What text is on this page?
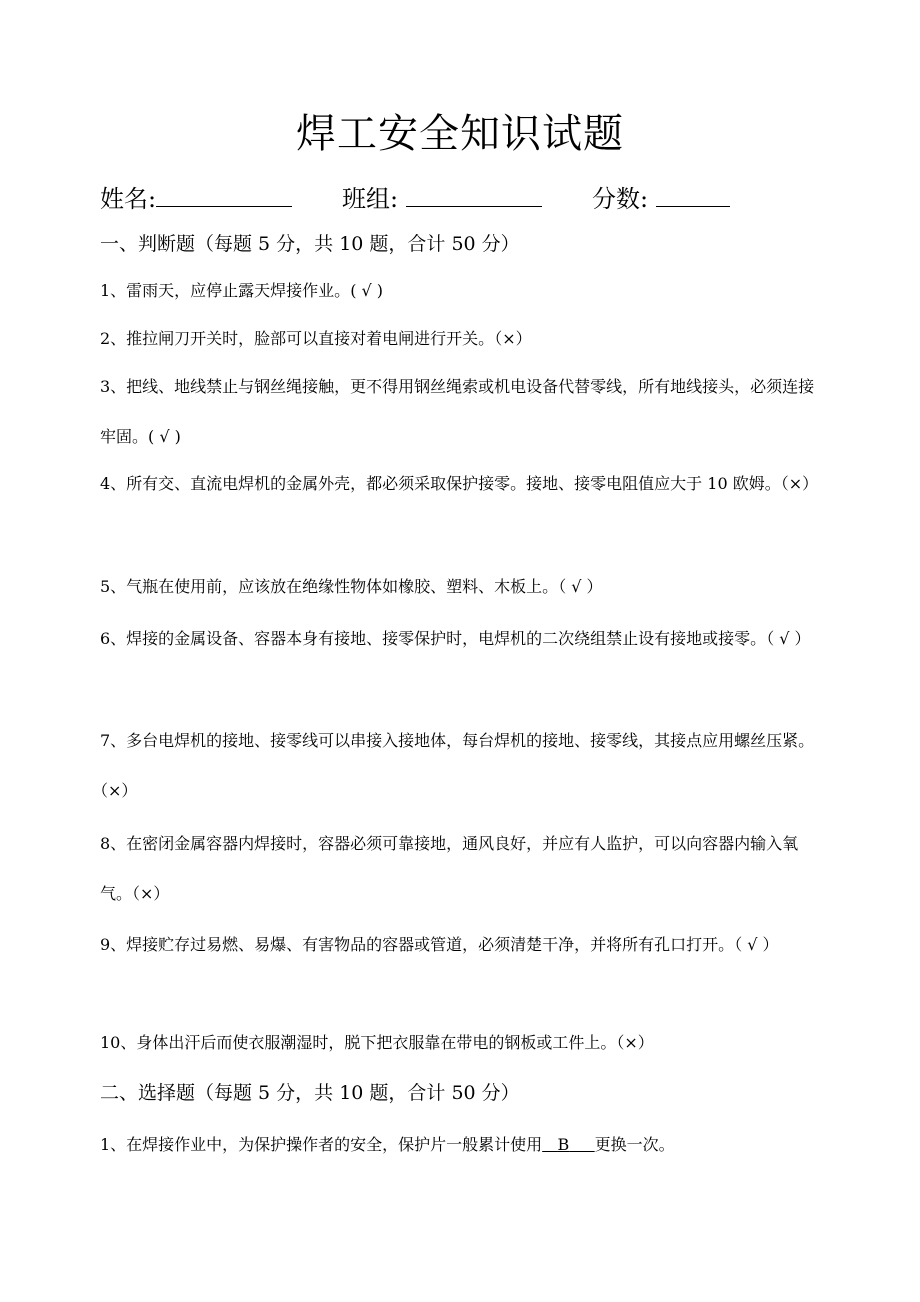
焊工安全知识试题
姓名:	班组:	分数:
一、判断题（每题 5 分，共 10 题，合计 50 分）
1、雷雨天，应停止露天焊接作业。( √ )
2、推拉闸刀开关时，脸部可以直接对着电闸进行开关。（×）
3、把线、地线禁止与钢丝绳接触，更不得用钢丝绳索或机电设备代替零线，所有地线接头，必须连接牢固。( √ )
4、所有交、直流电焊机的金属外壳，都必须采取保护接零。接地、接零电阻值应大于 10 欧姆。（×）
5、气瓶在使用前，应该放在绝缘性物体如橡胶、塑料、木板上。（ √ ）
6、焊接的金属设备、容器本身有接地、接零保护时，电焊机的二次绕组禁止设有接地或接零。（ √ ）
7、多台电焊机的接地、接零线可以串接入接地体，每台焊机的接地、接零线，其接点应用螺丝压紧。（×）
8、在密闭金属容器内焊接时，容器必须可靠接地，通风良好，并应有人监护，可以向容器内输入氧气。（×）
9、焊接贮存过易燃、易爆、有害物品的容器或管道，必须清楚干净，并将所有孔口打开。（ √ ）
10、身体出汗后而使衣服潮湿时，脱下把衣服靠在带电的钢板或工件上。（×）
二、选择题（每题 5 分，共 10 题，合计 50 分）
1、在焊接作业中，为保护操作者的安全，保护片一般累计使用 B 更换一次。
